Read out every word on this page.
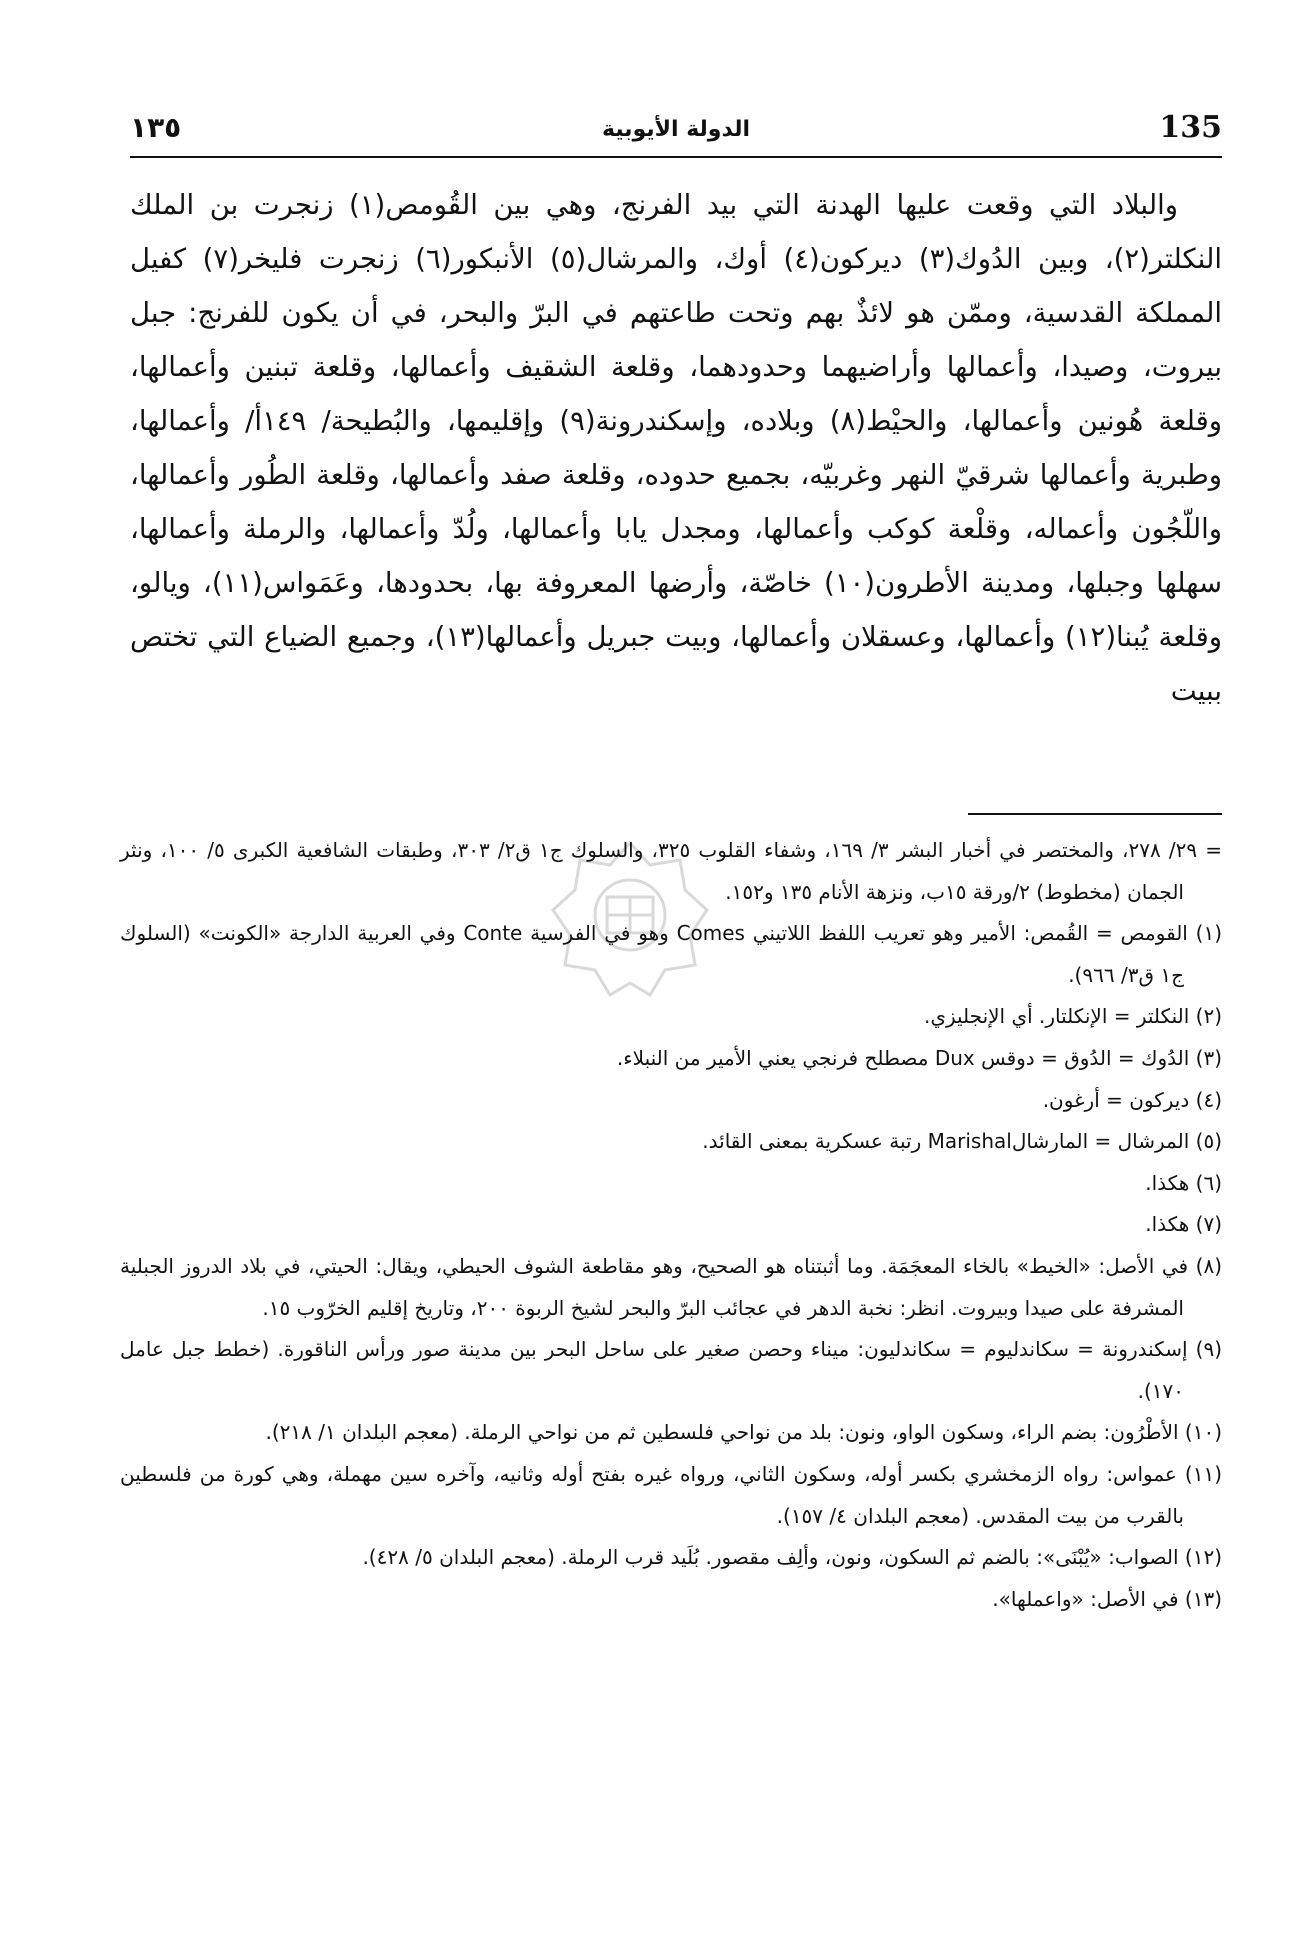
135
الدولة الأيوبية
١٣٥

والبلاد التي وقعت عليها الهدنة التي بيد الفرنج، وهي بين القُومص(١) زنجرت بن الملك النكلتر(٢)، وبين الدُوك(٣) ديركون(٤) أوك، والمرشال(٥) الأنبكور(٦) زنجرت فليخر(٧) كفيل المملكة القدسية، وممّن هو لائذٌ بهم وتحت طاعتهم في البرّ والبحر، في أن يكون للفرنج: جبل بيروت، وصيدا، وأعمالها وأراضيهما وحدودهما، وقلعة الشقيف وأعمالها، وقلعة تبنين وأعمالها، وقلعة هُونين وأعمالها، والحيْط(٨) وبلاده، وإسكندرونة(٩) وإقليمها، والبُطيحة/ ١٤٩أ/ وأعمالها، وطبرية وأعمالها شرقيّ النهر وغربيّه، بجميع حدوده، وقلعة صفد وأعمالها، وقلعة الطُور وأعمالها، واللّجُون وأعماله، وقلْعة كوكب وأعمالها، ومجدل يابا وأعمالها، ولُدّ وأعمالها، والرملة وأعمالها، سهلها وجبلها، ومدينة الأطرون(١٠) خاصّة، وأرضها المعروفة بها، بحدودها، وعَمَواس(١١)، ويالو، وقلعة يُبنا(١٢) وأعمالها، وعسقلان وأعمالها، وبيت جبريل وأعمالها(١٣)، وجميع الضياع التي تختص ببيت

= ٢٩/ ٢٧٨، والمختصر في أخبار البشر ٣/ ١٦٩، وشفاء القلوب ٣٢٥، والسلوك ج١ ق٢/ ٣٠٣، وطبقات الشافعية الكبرى ٥/ ١٠٠، ونثر الجمان (مخطوط) ٢/ورقة ١٥ب، ونزهة الأنام ١٣٥ و١٥٢.

(١) القومص = القُمص: الأمير وهو تعريب اللفظ اللاتيني Comes وهو في الفرسية Conte وفي العربية الدارجة «الكونت» (السلوك ج١ ق٣/ ٩٦٦).

(٢) النكلتر = الإنكلتار. أي الإنجليزي.

(٣) الدُوك = الدُوق = دوقس Dux مصطلح فرنجي يعني الأمير من النبلاء.

(٤) ديركون = أرغون.

(٥) المرشال = المارشالMarishal رتبة عسكرية بمعنى القائد.

(٦) هكذا.

(٧) هكذا.

(٨) في الأصل: «الخيط» بالخاء المعجَمَة. وما أثبتناه هو الصحيح، وهو مقاطعة الشوف الحيطي، ويقال: الحيتي، في بلاد الدروز الجبلية المشرفة على صيدا وبيروت. انظر: نخبة الدهر في عجائب البرّ والبحر لشيخ الربوة ٢٠٠، وتاريخ إقليم الخرّوب ١٥.

(٩) إسكندرونة = سكاندليوم = سكاندليون: ميناء وحصن صغير على ساحل البحر بين مدينة صور ورأس الناقورة. (خطط جبل عامل ١٧٠).

(١٠) الأطْرُون: بضم الراء، وسكون الواو، ونون: بلد من نواحي فلسطين ثم من نواحي الرملة. (معجم البلدان ١/ ٢١٨).

(١١) عمواس: رواه الزمخشري بكسر أوله، وسكون الثاني، ورواه غيره بفتح أوله وثانيه، وآخره سين مهملة، وهي كورة من فلسطين بالقرب من بيت المقدس. (معجم البلدان ٤/ ١٥٧).

(١٢) الصواب: «يُبْنَى»: بالضم ثم السكون، ونون، وألِف مقصور. بُلَيد قرب الرملة. (معجم البلدان ٥/ ٤٢٨).

(١٣) في الأصل: «واعملها».
